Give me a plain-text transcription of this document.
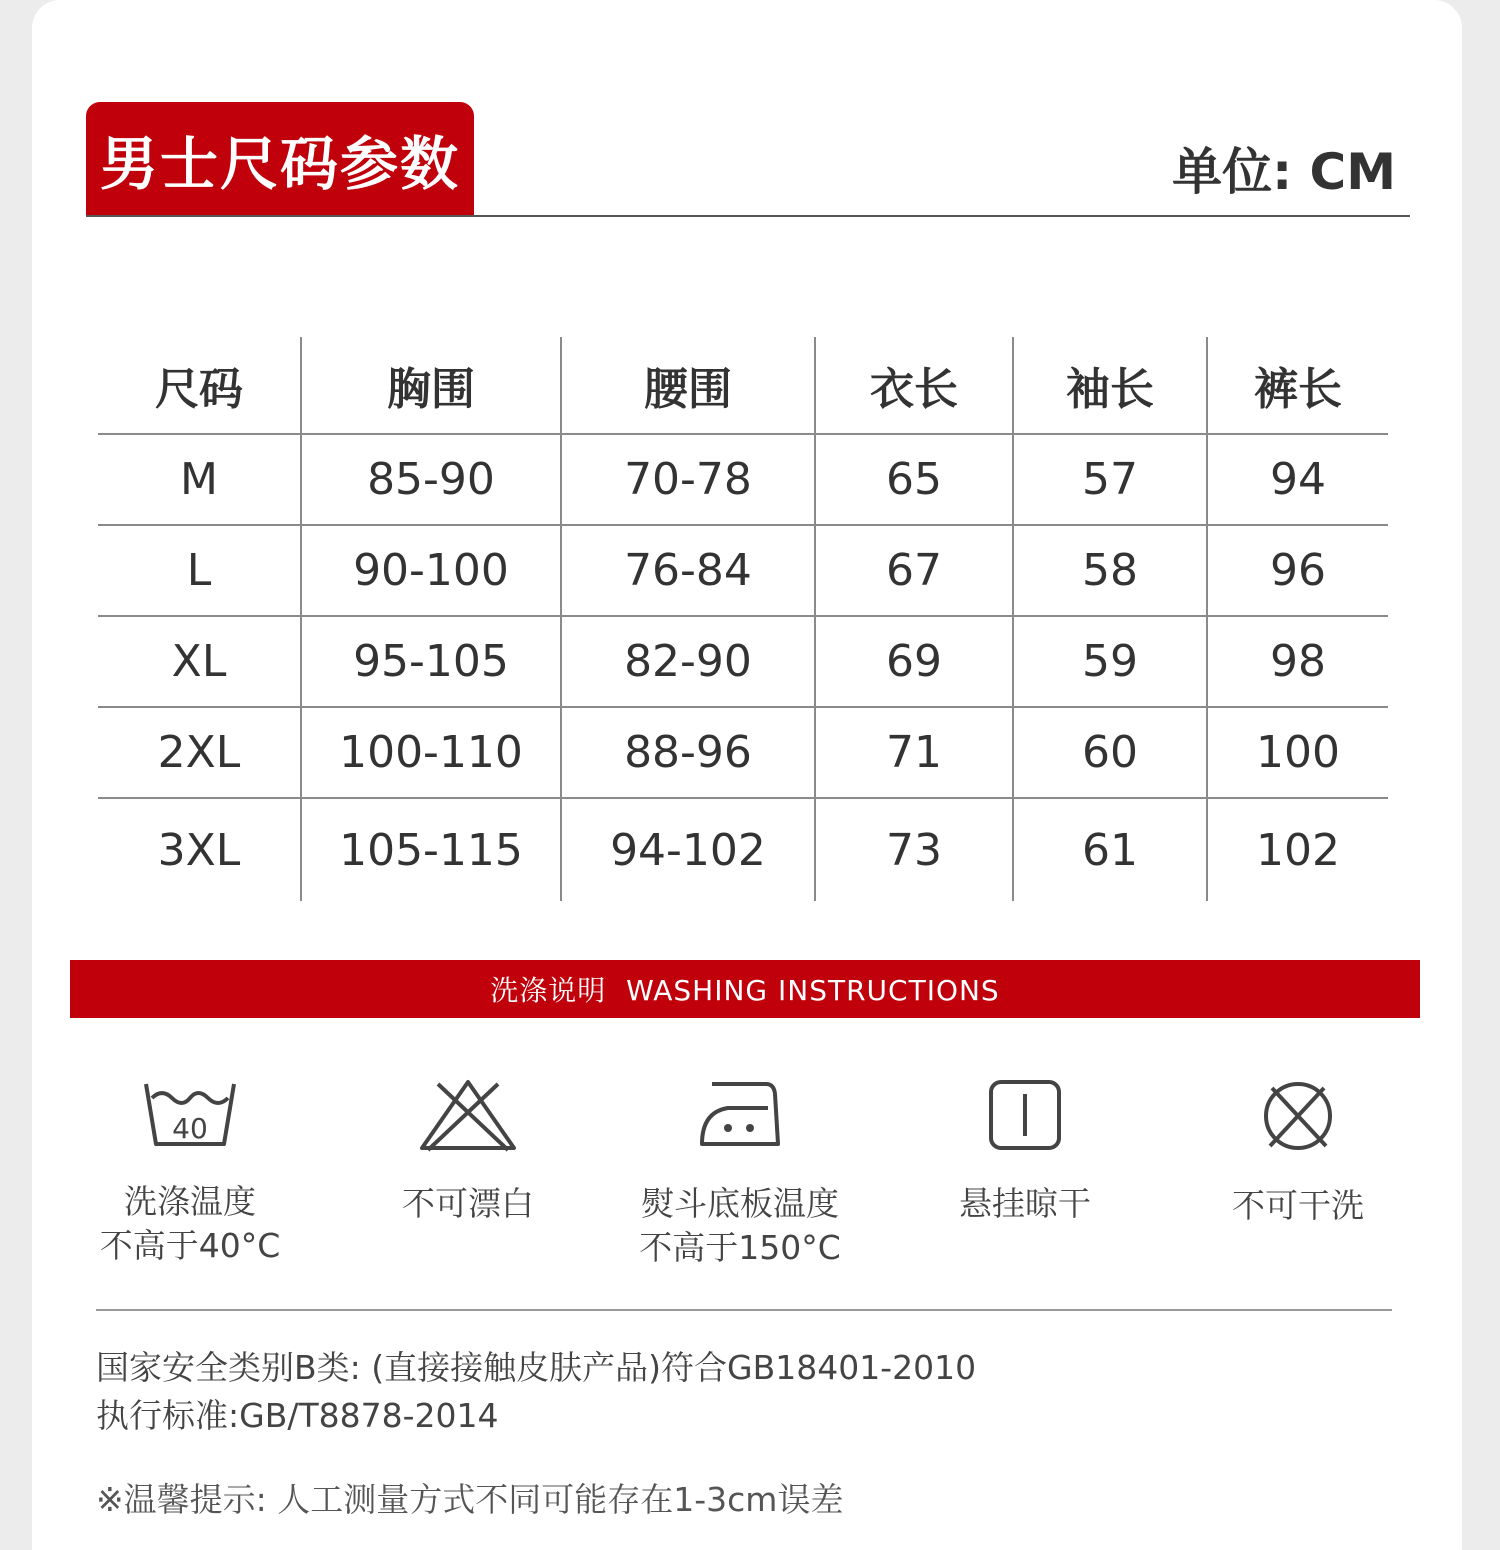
男士尺码参数	单位: CM
尺码	胸围	腰围	衣长	袖长	裤长
M	85-90	70-78	65	57	94
L	90-100	76-84	67	58	96
XL	95-105	82-90	69	59	98
2XL	100-110	88-96	71	60	100
3XL	105-115	94-102	73	61	102
洗涤说明  WASHING INSTRUCTIONS
40
洗涤温度
不高于40°C
不可漂白	熨斗底板温度
不高于150°C
悬挂晾干	不可干洗
国家安全类别B类: (直接接触皮肤产品)符合GB18401-2010
执行标准:GB/T8878-2014
※温馨提示: 人工测量方式不同可能存在1-3cm误差
